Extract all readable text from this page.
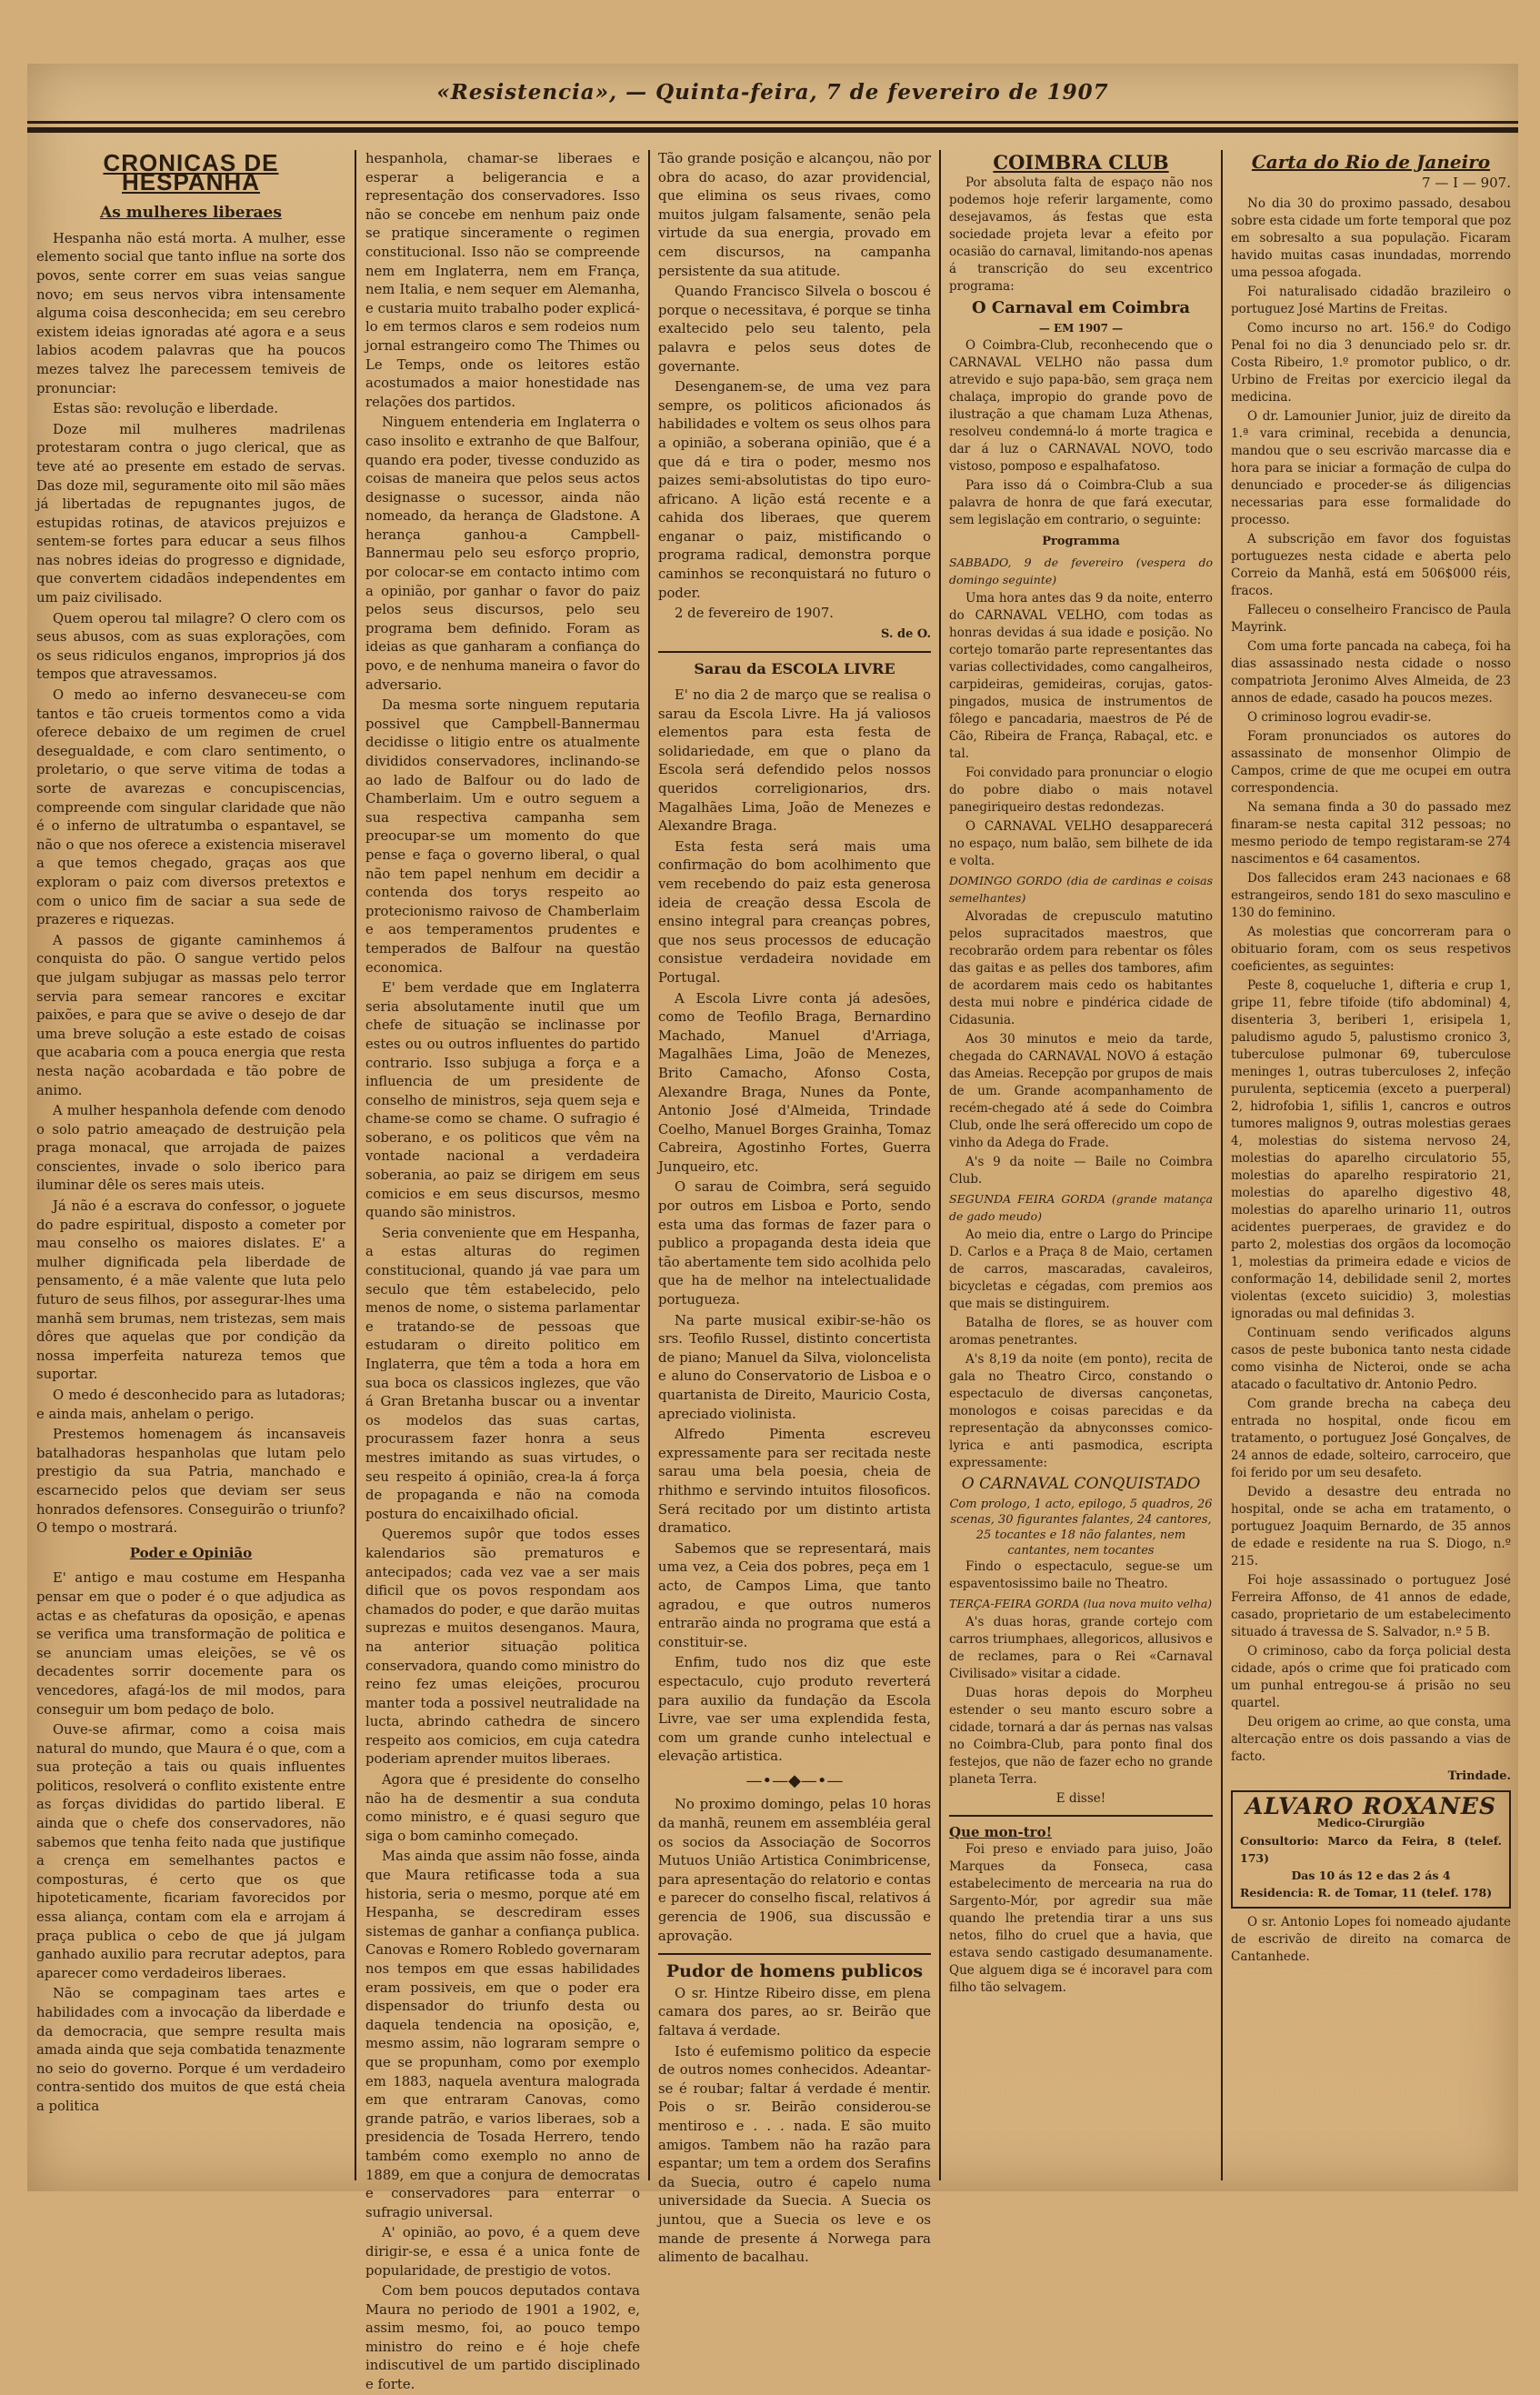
«Resistencia», — Quinta-feira, 7 de fevereiro de 1907
CRONICAS DE HESPANHA
As mulheres liberaes

Hespanha não está morta. A mulher, esse elemento social que tanto influe na sorte dos povos, sente correr em suas veias sangue novo; em seus nervos vibra intensamente alguma coisa desconhecida; em seu cerebro existem ideias ignoradas até agora e a seus labios acodem palavras que ha poucos mezes talvez lhe parecessem temiveis de pronunciar:

Estas são: revolução e liberdade.

Doze mil mulheres madrilenas protestaram contra o jugo clerical, que as teve até ao presente em estado de servas. Das doze mil, seguramente oito mil são mães já libertadas de repugnantes jugos, de estupidas rotinas, de atavicos prejuizos e sentem-se fortes para educar a seus filhos nas nobres ideias do progresso e dignidade, que convertem cidadãos independentes em um paiz civilisado.

Quem operou tal milagre? O clero com os seus abusos, com as suas explorações, com os seus ridiculos enganos, improprios já dos tempos que atravessamos.

O medo ao inferno desvaneceu-se com tantos e tão crueis tormentos como a vida oferece debaixo de um regimen de cruel desegualdade, e com claro sentimento, o proletario, o que serve vitima de todas a sorte de avarezas e concupiscencias, compreende com singular claridade que não é o inferno de ultratumba o espantavel, se não o que nos oferece a existencia miseravel a que temos chegado, graças aos que exploram o paiz com diversos pretextos e com o unico fim de saciar a sua sede de prazeres e riquezas.

A passos de gigante caminhemos á conquista do pão. O sangue vertido pelos que julgam subjugar as massas pelo terror servia para semear rancores e excitar paixões, e para que se avive o desejo de dar uma breve solução a este estado de coisas que acabaria com a pouca energia que resta nesta nação acobardada e tão pobre de animo.

A mulher hespanhola defende com denodo o solo patrio ameaçado de destruição pela praga monacal, que arrojada de paizes conscientes, invade o solo iberico para iluminar dêle os seres mais uteis.

Já não é a escrava do confessor, o joguete do padre espiritual, disposto a cometer por mau conselho os maiores dislates. E' a mulher dignificada pela liberdade de pensamento, é a mãe valente que luta pelo futuro de seus filhos, por assegurar-lhes uma manhã sem brumas, nem tristezas, sem mais dôres que aquelas que por condição da nossa imperfeita natureza temos que suportar.

O medo é desconhecido para as lutadoras; e ainda mais, anhelam o perigo.

Prestemos homenagem ás incansaveis batalhadoras hespanholas que lutam pelo prestigio da sua Patria, manchado e escarnecido pelos que deviam ser seus honrados defensores. Conseguirão o triunfo? O tempo o mostrará.

Poder e Opinião

E' antigo e mau costume em Hespanha pensar em que o poder é o que adjudica as actas e as chefaturas da oposição, e apenas se verifica uma transformação de politica e se anunciam umas eleições, se vê os decadentes sorrir docemente para os vencedores, afagá-los de mil modos, para conseguir um bom pedaço de bolo.

Ouve-se afirmar, como a coisa mais natural do mundo, que Maura é o que, com a sua proteção a tais ou quais influentes politicos, resolverá o conflito existente entre as forças divididas do partido liberal. E ainda que o chefe dos conservadores, não sabemos que tenha feito nada que justifique a crença em semelhantes pactos e composturas, é certo que os que hipoteticamente, ficariam favorecidos por essa aliança, contam com ela e arrojam á praça publica o cebo de que já julgam ganhado auxilio para recrutar adeptos, para aparecer como verdadeiros liberaes.

Não se compaginam taes artes e habilidades com a invocação da liberdade e da democracia, que sempre resulta mais amada ainda que seja combatida tenazmente no seio do governo. Porque é um verdadeiro contra-sentido dos muitos de que está cheia a politica

hespanhola, chamar-se liberaes e esperar a beligerancia e a representação dos conservadores. Isso não se concebe em nenhum paiz onde se pratique sinceramente o regimen constitucional. Isso não se compreende nem em Inglaterra, nem em França, nem Italia, e nem sequer em Alemanha, e custaria muito trabalho poder explicá-lo em termos claros e sem rodeios num jornal estrangeiro como The Thimes ou Le Temps, onde os leitores estão acostumados a maior honestidade nas relações dos partidos.

Ninguem entenderia em Inglaterra o caso insolito e extranho de que Balfour, quando era poder, tivesse conduzido as coisas de maneira que pelos seus actos designasse o sucessor, ainda não nomeado, da herança de Gladstone. A herança ganhou-a Campbell-Bannermau pelo seu esforço proprio, por colocar-se em contacto intimo com a opinião, por ganhar o favor do paiz pelos seus discursos, pelo seu programa bem definido. Foram as ideias as que ganharam a confiança do povo, e de nenhuma maneira o favor do adversario.

Da mesma sorte ninguem reputaria possivel que Campbell-Bannermau decidisse o litigio entre os atualmente divididos conservadores, inclinando-se ao lado de Balfour ou do lado de Chamberlaim. Um e outro seguem a sua respectiva campanha sem preocupar-se um momento do que pense e faça o governo liberal, o qual não tem papel nenhum em decidir a contenda dos torys respeito ao protecionismo raivoso de Chamberlaim e aos temperamentos prudentes e temperados de Balfour na questão economica.

E' bem verdade que em Inglaterra seria absolutamente inutil que um chefe de situação se inclinasse por estes ou ou outros influentes do partido contrario. Isso subjuga a força e a influencia de um presidente de conselho de ministros, seja quem seja e chame-se como se chame. O sufragio é soberano, e os politicos que vêm na vontade nacional a verdadeira soberania, ao paiz se dirigem em seus comicios e em seus discursos, mesmo quando são ministros.

Seria conveniente que em Hespanha, a estas alturas do regimen constitucional, quando já vae para um seculo que têm estabelecido, pelo menos de nome, o sistema parlamentar e tratando-se de pessoas que estudaram o direito politico em Inglaterra, que têm a toda a hora em sua boca os classicos inglezes, que vão á Gran Bretanha buscar ou a inventar os modelos das suas cartas, procurassem fazer honra a seus mestres imitando as suas virtudes, o seu respeito á opinião, crea-la á força de propaganda e não na comoda postura do encaixilhado oficial.

Queremos supôr que todos esses kalendarios são prematuros e antecipados; cada vez vae a ser mais dificil que os povos respondam aos chamados do poder, e que darão muitas suprezas e muitos desenganos. Maura, na anterior situação politica conservadora, quando como ministro do reino fez umas eleições, procurou manter toda a possivel neutralidade na lucta, abrindo cathedra de sincero respeito aos comicios, em cuja catedra poderiam aprender muitos liberaes.

Agora que é presidente do conselho não ha de desmentir a sua conduta como ministro, e é quasi seguro que siga o bom caminho começado.

Mas ainda que assim não fosse, ainda que Maura retificasse toda a sua historia, seria o mesmo, porque até em Hespanha, se descrediram esses sistemas de ganhar a confiança publica. Canovas e Romero Robledo governaram nos tempos em que essas habilidades eram possiveis, em que o poder era dispensador do triunfo desta ou daquela tendencia na oposição, e, mesmo assim, não lograram sempre o que se propunham, como por exemplo em 1883, naquela aventura malograda em que entraram Canovas, como grande patrão, e varios liberaes, sob a presidencia de Tosada Herrero, tendo também como exemplo no anno de 1889, em que a conjura de democratas e conservadores para enterrar o sufragio universal.

A' opinião, ao povo, é a quem deve dirigir-se, e essa é a unica fonte de popularidade, de prestigio de votos.

Com bem poucos deputados contava Maura no periodo de 1901 a 1902, e, assim mesmo, foi, ao pouco tempo ministro do reino e é hoje chefe indiscutivel de um partido disciplinado e forte.

Tão grande posição e alcançou, não por obra do acaso, do azar providencial, que elimina os seus rivaes, como muitos julgam falsamente, senão pela virtude da sua energia, provado em cem discursos, na campanha persistente da sua atitude.

Quando Francisco Silvela o boscou é porque o necessitava, é porque se tinha exaltecido pelo seu talento, pela palavra e pelos seus dotes de governante.

Desenganem-se, de uma vez para sempre, os politicos aficionados ás habilidades e voltem os seus olhos para a opinião, a soberana opinião, que é a que dá e tira o poder, mesmo nos paizes semi-absolutistas do tipo euro-africano. A lição está recente e a cahida dos liberaes, que querem enganar o paiz, mistificando o programa radical, demonstra porque caminhos se reconquistará no futuro o poder.

2 de fevereiro de 1907.

S. de O.
Sarau da ESCOLA LIVRE

E' no dia 2 de março que se realisa o sarau da Escola Livre. Ha já valiosos elementos para esta festa de solidariedade, em que o plano da Escola será defendido pelos nossos queridos correligionarios, drs. Magalhães Lima, João de Menezes e Alexandre Braga.

Esta festa será mais uma confirmação do bom acolhimento que vem recebendo do paiz esta generosa ideia de creação dessa Escola de ensino integral para creanças pobres, que nos seus processos de educação consistue verdadeira novidade em Portugal.

A Escola Livre conta já adesões, como de Teofilo Braga, Bernardino Machado, Manuel d'Arriaga, Magalhães Lima, João de Menezes, Brito Camacho, Afonso Costa, Alexandre Braga, Nunes da Ponte, Antonio José d'Almeida, Trindade Coelho, Manuel Borges Grainha, Tomaz Cabreira, Agostinho Fortes, Guerra Junqueiro, etc.

O sarau de Coimbra, será seguido por outros em Lisboa e Porto, sendo esta uma das formas de fazer para o publico a propaganda desta ideia que tão abertamente tem sido acolhida pelo que ha de melhor na intelectualidade portugueza.

Na parte musical exibir-se-hão os srs. Teofilo Russel, distinto concertista de piano; Manuel da Silva, violoncelista e aluno do Conservatorio de Lisboa e o quartanista de Direito, Mauricio Costa, apreciado violinista.

Alfredo Pimenta escreveu expressamente para ser recitada neste sarau uma bela poesia, cheia de rhithmo e servindo intuitos filosoficos. Será recitado por um distinto artista dramatico.

Sabemos que se representará, mais uma vez, a Ceia dos pobres, peça em 1 acto, de Campos Lima, que tanto agradou, e que outros numeros entrarão ainda no programa que está a constituir-se.

Enfim, tudo nos diz que este espectaculo, cujo produto reverterá para auxilio da fundação da Escola Livre, vae ser uma explendida festa, com um grande cunho intelectual e elevação artistica.

—•—◆—•—

No proximo domingo, pelas 10 horas da manhã, reunem em assembléia geral os socios da Associação de Socorros Mutuos União Artistica Conimbricense, para apresentação do relatorio e contas e parecer do conselho fiscal, relativos á gerencia de 1906, sua discussão e aprovação.

Pudor de homens publicos

O sr. Hintze Ribeiro disse, em plena camara dos pares, ao sr. Beirão que faltava á verdade.

Isto é eufemismo politico da especie de outros nomes conhecidos. Adeantar-se é roubar; faltar á verdade é mentir. Pois o sr. Beirão considerou-se mentiroso e . . . nada. E são muito amigos. Tambem não ha razão para espantar; um tem a ordem dos Serafins da Suecia, outro é capelo numa universidade da Suecia. A Suecia os juntou, que a Suecia os leve e os mande de presente á Norwega para alimento de bacalhau.

COIMBRA CLUB

Por absoluta falta de espaço não nos podemos hoje referir largamente, como desejavamos, ás festas que esta sociedade projeta levar a efeito por ocasião do carnaval, limitando-nos apenas á transcrição do seu excentrico programa:

O Carnaval em Coimbra
— EM 1907 —

O Coimbra-Club, reconhecendo que o CARNAVAL VELHO não passa dum atrevido e sujo papa-bão, sem graça nem chalaça, impropio do grande povo de ilustração a que chamam Luza Athenas, resolveu condemná-lo á morte tragica e dar á luz o CARNAVAL NOVO, todo vistoso, pomposo e espalhafatoso.

Para isso dá o Coimbra-Club a sua palavra de honra de que fará executar, sem legislação em contrario, o seguinte:

Programma

SABBADO, 9 de fevereiro (vespera do domingo seguinte)

Uma hora antes das 9 da noite, enterro do CARNAVAL VELHO, com todas as honras devidas á sua idade e posição. No cortejo tomarão parte representantes das varias collectividades, como cangalheiros, carpideiras, gemideiras, corujas, gatos-pingados, musica de instrumentos de fôlego e pancadaria, maestros de Pé de Cão, Ribeira de França, Rabaçal, etc. e tal.

Foi convidado para pronunciar o elogio do pobre diabo o mais notavel panegiriqueiro destas redondezas.

O CARNAVAL VELHO desapparecerá no espaço, num balão, sem bilhete de ida e volta.

DOMINGO GORDO (dia de cardinas e coisas semelhantes)

Alvoradas de crepusculo matutino pelos supracitados maestros, que recobrarão ordem para rebentar os fôles das gaitas e as pelles dos tambores, afim de acordarem mais cedo os habitantes desta mui nobre e pindérica cidade de Cidasunia.

Aos 30 minutos e meio da tarde, chegada do CARNAVAL NOVO á estação das Ameias. Recepção por grupos de mais de um. Grande acompanhamento de recém-chegado até á sede do Coimbra Club, onde lhe será offerecido um copo de vinho da Adega do Frade.

A's 9 da noite — Baile no Coimbra Club.

SEGUNDA FEIRA GORDA (grande matança de gado meudo)

Ao meio dia, entre o Largo do Principe D. Carlos e a Praça 8 de Maio, certamen de carros, mascaradas, cavaleiros, bicycletas e cégadas, com premios aos que mais se distinguirem.

Batalha de flores, se as houver com aromas penetrantes.

A's 8,19 da noite (em ponto), recita de gala no Theatro Circo, constando o espectaculo de diversas cançonetas, monologos e coisas parecidas e da representação da abnyconsses comico-lyrica e anti pasmodica, escripta expressamente:

O CARNAVAL CONQUISTADO
Com prologo, 1 acto, epilogo, 5 quadros, 26 scenas, 30 figurantes falantes, 24 cantores, 25 tocantes e 18 não falantes, nem cantantes, nem tocantes

Findo o espectaculo, segue-se um espaventosissimo baile no Theatro.

TERÇA-FEIRA GORDA (lua nova muito velha)

A's duas horas, grande cortejo com carros triumphaes, allegoricos, allusivos e de reclames, para o Rei «Carnaval Civilisado» visitar a cidade.

Duas horas depois do Morpheu estender o seu manto escuro sobre a cidade, tornará a dar ás pernas nas valsas no Coimbra-Club, para ponto final dos festejos, que não de fazer echo no grande planeta Terra.

E disse!

Que mon-tro!

Foi preso e enviado para juiso, João Marques da Fonseca, casa estabelecimento de mercearia na rua do Sargento-Mór, por agredir sua mãe quando lhe pretendia tirar a uns sus netos, filho do cruel que a havia, que estava sendo castigado desumanamente. Que alguem diga se é incoravel para com filho tão selvagem.

Carta do Rio de Janeiro
7 — I — 907.

No dia 30 do proximo passado, desabou sobre esta cidade um forte temporal que poz em sobresalto a sua população. Ficaram havido muitas casas inundadas, morrendo uma pessoa afogada.

Foi naturalisado cidadão brazileiro o portuguez José Martins de Freitas.

Como incurso no art. 156.º do Codigo Penal foi no dia 3 denunciado pelo sr. dr. Costa Ribeiro, 1.º promotor publico, o dr. Urbino de Freitas por exercicio ilegal da medicina.

O dr. Lamounier Junior, juiz de direito da 1.ª vara criminal, recebida a denuncia, mandou que o seu escrivão marcasse dia e hora para se iniciar a formação de culpa do denunciado e proceder-se ás diligencias necessarias para esse formalidade do processo.

A subscrição em favor dos foguistas portuguezes nesta cidade e aberta pelo Correio da Manhã, está em 506$000 réis, fracos.

Falleceu o conselheiro Francisco de Paula Mayrink.

Com uma forte pancada na cabeça, foi ha dias assassinado nesta cidade o nosso compatriota Jeronimo Alves Almeida, de 23 annos de edade, casado ha poucos mezes.

O criminoso logrou evadir-se.

Foram pronunciados os autores do assassinato de monsenhor Olimpio de Campos, crime de que me ocupei em outra correspondencia.

Na semana finda a 30 do passado mez finaram-se nesta capital 312 pessoas; no mesmo periodo de tempo registaram-se 274 nascimentos e 64 casamentos.

Dos fallecidos eram 243 nacionaes e 68 estrangeiros, sendo 181 do sexo masculino e 130 do feminino.

As molestias que concorreram para o obituario foram, com os seus respetivos coeficientes, as seguintes:

Peste 8, coqueluche 1, difteria e crup 1, gripe 11, febre tifoide (tifo abdominal) 4, disenteria 3, beriberi 1, erisipela 1, paludismo agudo 5, palustismo cronico 3, tuberculose pulmonar 69, tuberculose meninges 1, outras tuberculoses 2, infeção purulenta, septicemia (exceto a puerperal) 2, hidrofobia 1, sifilis 1, cancros e outros tumores malignos 9, outras molestias geraes 4, molestias do sistema nervoso 24, molestias do aparelho circulatorio 55, molestias do aparelho respiratorio 21, molestias do aparelho digestivo 48, molestias do aparelho urinario 11, outros acidentes puerperaes, de gravidez e do parto 2, molestias dos orgãos da locomoção 1, molestias da primeira edade e vicios de conformação 14, debilidade senil 2, mortes violentas (exceto suicidio) 3, molestias ignoradas ou mal definidas 3.

Continuam sendo verificados alguns casos de peste bubonica tanto nesta cidade como visinha de Nicteroi, onde se acha atacado o facultativo dr. Antonio Pedro.

Com grande brecha na cabeça deu entrada no hospital, onde ficou em tratamento, o portuguez José Gonçalves, de 24 annos de edade, solteiro, carroceiro, que foi ferido por um seu desafeto.

Devido a desastre deu entrada no hospital, onde se acha em tratamento, o portuguez Joaquim Bernardo, de 35 annos de edade e residente na rua S. Diogo, n.º 215.

Foi hoje assassinado o portuguez José Ferreira Affonso, de 41 annos de edade, casado, proprietario de um estabelecimento situado á travessa de S. Salvador, n.º 5 B.

O criminoso, cabo da força policial desta cidade, após o crime que foi praticado com um punhal entregou-se á prisão no seu quartel.

Deu origem ao crime, ao que consta, uma altercação entre os dois passando a vias de facto.

Trindade.
ALVARO ROXANES
Medico-Cirurgião
Consultorio: Marco da Feira, 8 (telef. 173)
Das 10 ás 12 e das 2 ás 4
Residencia: R. de Tomar, 11 (telef. 178)

O sr. Antonio Lopes foi nomeado ajudante de escrivão de direito na comarca de Cantanhede.
